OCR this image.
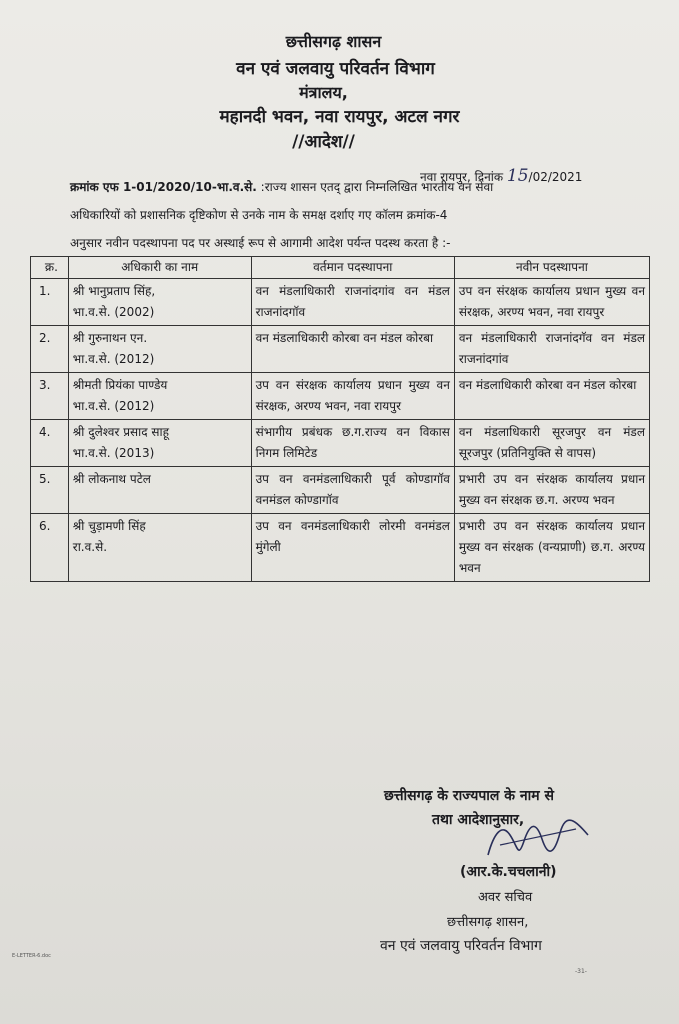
छत्तीसगढ़ शासन
वन एवं जलवायु परिवर्तन विभाग
मंत्रालय,
महानदी भवन, नवा रायपुर, अटल नगर
//आदेश//
नवा रायपुर, दिनांक 15/02/2021
क्रमांक एफ 1-01/2020/10-भा.व.से. :राज्य शासन एतद् द्वारा निम्नलिखित भारतीय वन सेवा
अधिकारियों को प्रशासनिक दृष्टिकोण से उनके नाम के समक्ष दर्शाए गए कॉलम क्रमांक-4
अनुसार नवीन पदस्थापना पद पर अस्थाई रूप से आगामी आदेश पर्यन्त पदस्थ करता है :-
क्र.	अधिकारी का नाम	वर्तमान पदस्थापना	नवीन पदस्थापना
1.	श्री भानुप्रताप सिंह,
भा.व.से. (2002)	वन मंडलाधिकारी राजनांदगांव वन मंडल राजनांदगॉव	उप वन संरक्षक कार्यालय प्रधान मुख्य वन संरक्षक, अरण्य भवन, नवा रायपुर
2.	श्री गुरुनाथन एन.
भा.व.से. (2012)	वन मंडलाधिकारी कोरबा वन मंडल कोरबा	वन मंडलाधिकारी राजनांदगॅव वन मंडल राजनांदगांव
3.	श्रीमती प्रियंका पाण्डेय
भा.व.से. (2012)	उप वन संरक्षक कार्यालय प्रधान मुख्य वन संरक्षक, अरण्य भवन, नवा रायपुर	वन मंडलाधिकारी कोरबा वन मंडल कोरबा
4.	श्री दुलेश्वर प्रसाद साहू
भा.व.से. (2013)	संभागीय प्रबंधक छ.ग.राज्य वन विकास निगम लिमिटेड	वन मंडलाधिकारी सूरजपुर वन मंडल सूरजपुर (प्रतिनियुक्ति से वापस)
5.	श्री लोकनाथ पटेल	उप वन वनमंडलाधिकारी पूर्व कोण्डागॉव वनमंडल कोण्डागॉव	प्रभारी उप वन संरक्षक कार्यालय प्रधान मुख्य वन संरक्षक छ.ग. अरण्य भवन
6.	श्री चुड़ामणी सिंह
रा.व.से.	उप वन वनमंडलाधिकारी लोरमी वनमंडल मुंगेली	प्रभारी उप वन संरक्षक कार्यालय प्रधान मुख्य वन संरक्षक (वन्यप्राणी) छ.ग. अरण्य भवन
छत्तीसगढ़ के राज्यपाल के नाम से
तथा आदेशानुसार,
(आर.के.चचलानी)
अवर सचिव
छत्तीसगढ़ शासन,
वन एवं जलवायु परिवर्तन विभाग
E-LETTER-6.doc
-31-
